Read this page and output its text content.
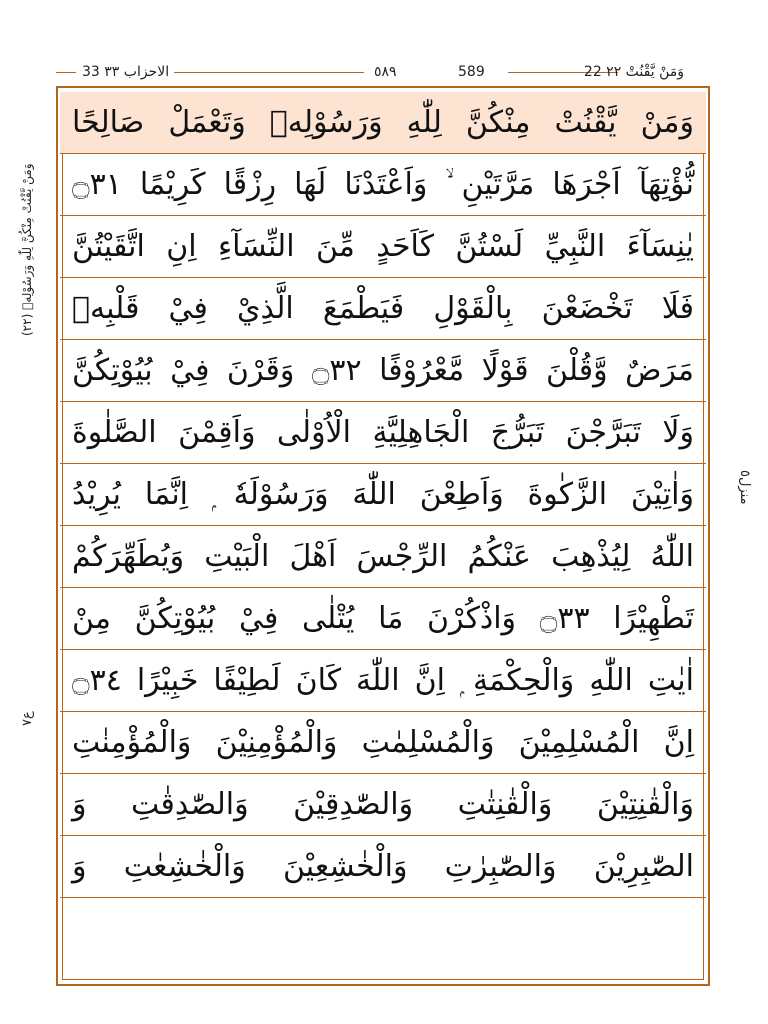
33 الاحزاب ٣٣	٥٨٩	589	22 وَمَنْ يَّقْنُتْ ٢٢
(٢٢) وَمَنْ يَّقْنُتْ مِنْكُنَّ لِلّٰهِ وَرَسُوْلِهٖ
منزل٥
ع٧
وَمَنْ يَّقْنُتْ مِنْكُنَّ لِلّٰهِ وَرَسُوْلِهٖ وَتَعْمَلْ صَالِحًا
نُّؤْتِهَآ اَجْرَهَا مَرَّتَيْنِ ۙ وَاَعْتَدْنَا لَهَا رِزْقًا كَرِيْمًا ۝٣١
يٰنِسَآءَ النَّبِيِّ لَسْتُنَّ كَاَحَدٍ مِّنَ النِّسَآءِ اِنِ اتَّقَيْتُنَّ
فَلَا تَخْضَعْنَ بِالْقَوْلِ فَيَطْمَعَ الَّذِيْ فِيْ قَلْبِهٖ
مَرَضٌ وَّقُلْنَ قَوْلًا مَّعْرُوْفًا ۝٣٢ وَقَرْنَ فِيْ بُيُوْتِكُنَّ
وَلَا تَبَرَّجْنَ تَبَرُّجَ الْجَاهِلِيَّةِ الْاُوْلٰى وَاَقِمْنَ الصَّلٰوةَ
وَاٰتِيْنَ الزَّكٰوةَ وَاَطِعْنَ اللّٰهَ وَرَسُوْلَهٗ ۭ اِنَّمَا يُرِيْدُ
اللّٰهُ لِيُذْهِبَ عَنْكُمُ الرِّجْسَ اَهْلَ الْبَيْتِ وَيُطَهِّرَكُمْ
تَطْهِيْرًا ۝٣٣ وَاذْكُرْنَ مَا يُتْلٰى فِيْ بُيُوْتِكُنَّ مِنْ
اٰيٰتِ اللّٰهِ وَالْحِكْمَةِ ۭ اِنَّ اللّٰهَ كَانَ لَطِيْفًا خَبِيْرًا ۝٣٤
اِنَّ الْمُسْلِمِيْنَ وَالْمُسْلِمٰتِ وَالْمُؤْمِنِيْنَ وَالْمُؤْمِنٰتِ
وَالْقٰنِتِيْنَ وَالْقٰنِتٰتِ وَالصّٰدِقِيْنَ وَالصّٰدِقٰتِ وَ
الصّٰبِرِيْنَ وَالصّٰبِرٰتِ وَالْخٰشِعِيْنَ وَالْخٰشِعٰتِ وَ
